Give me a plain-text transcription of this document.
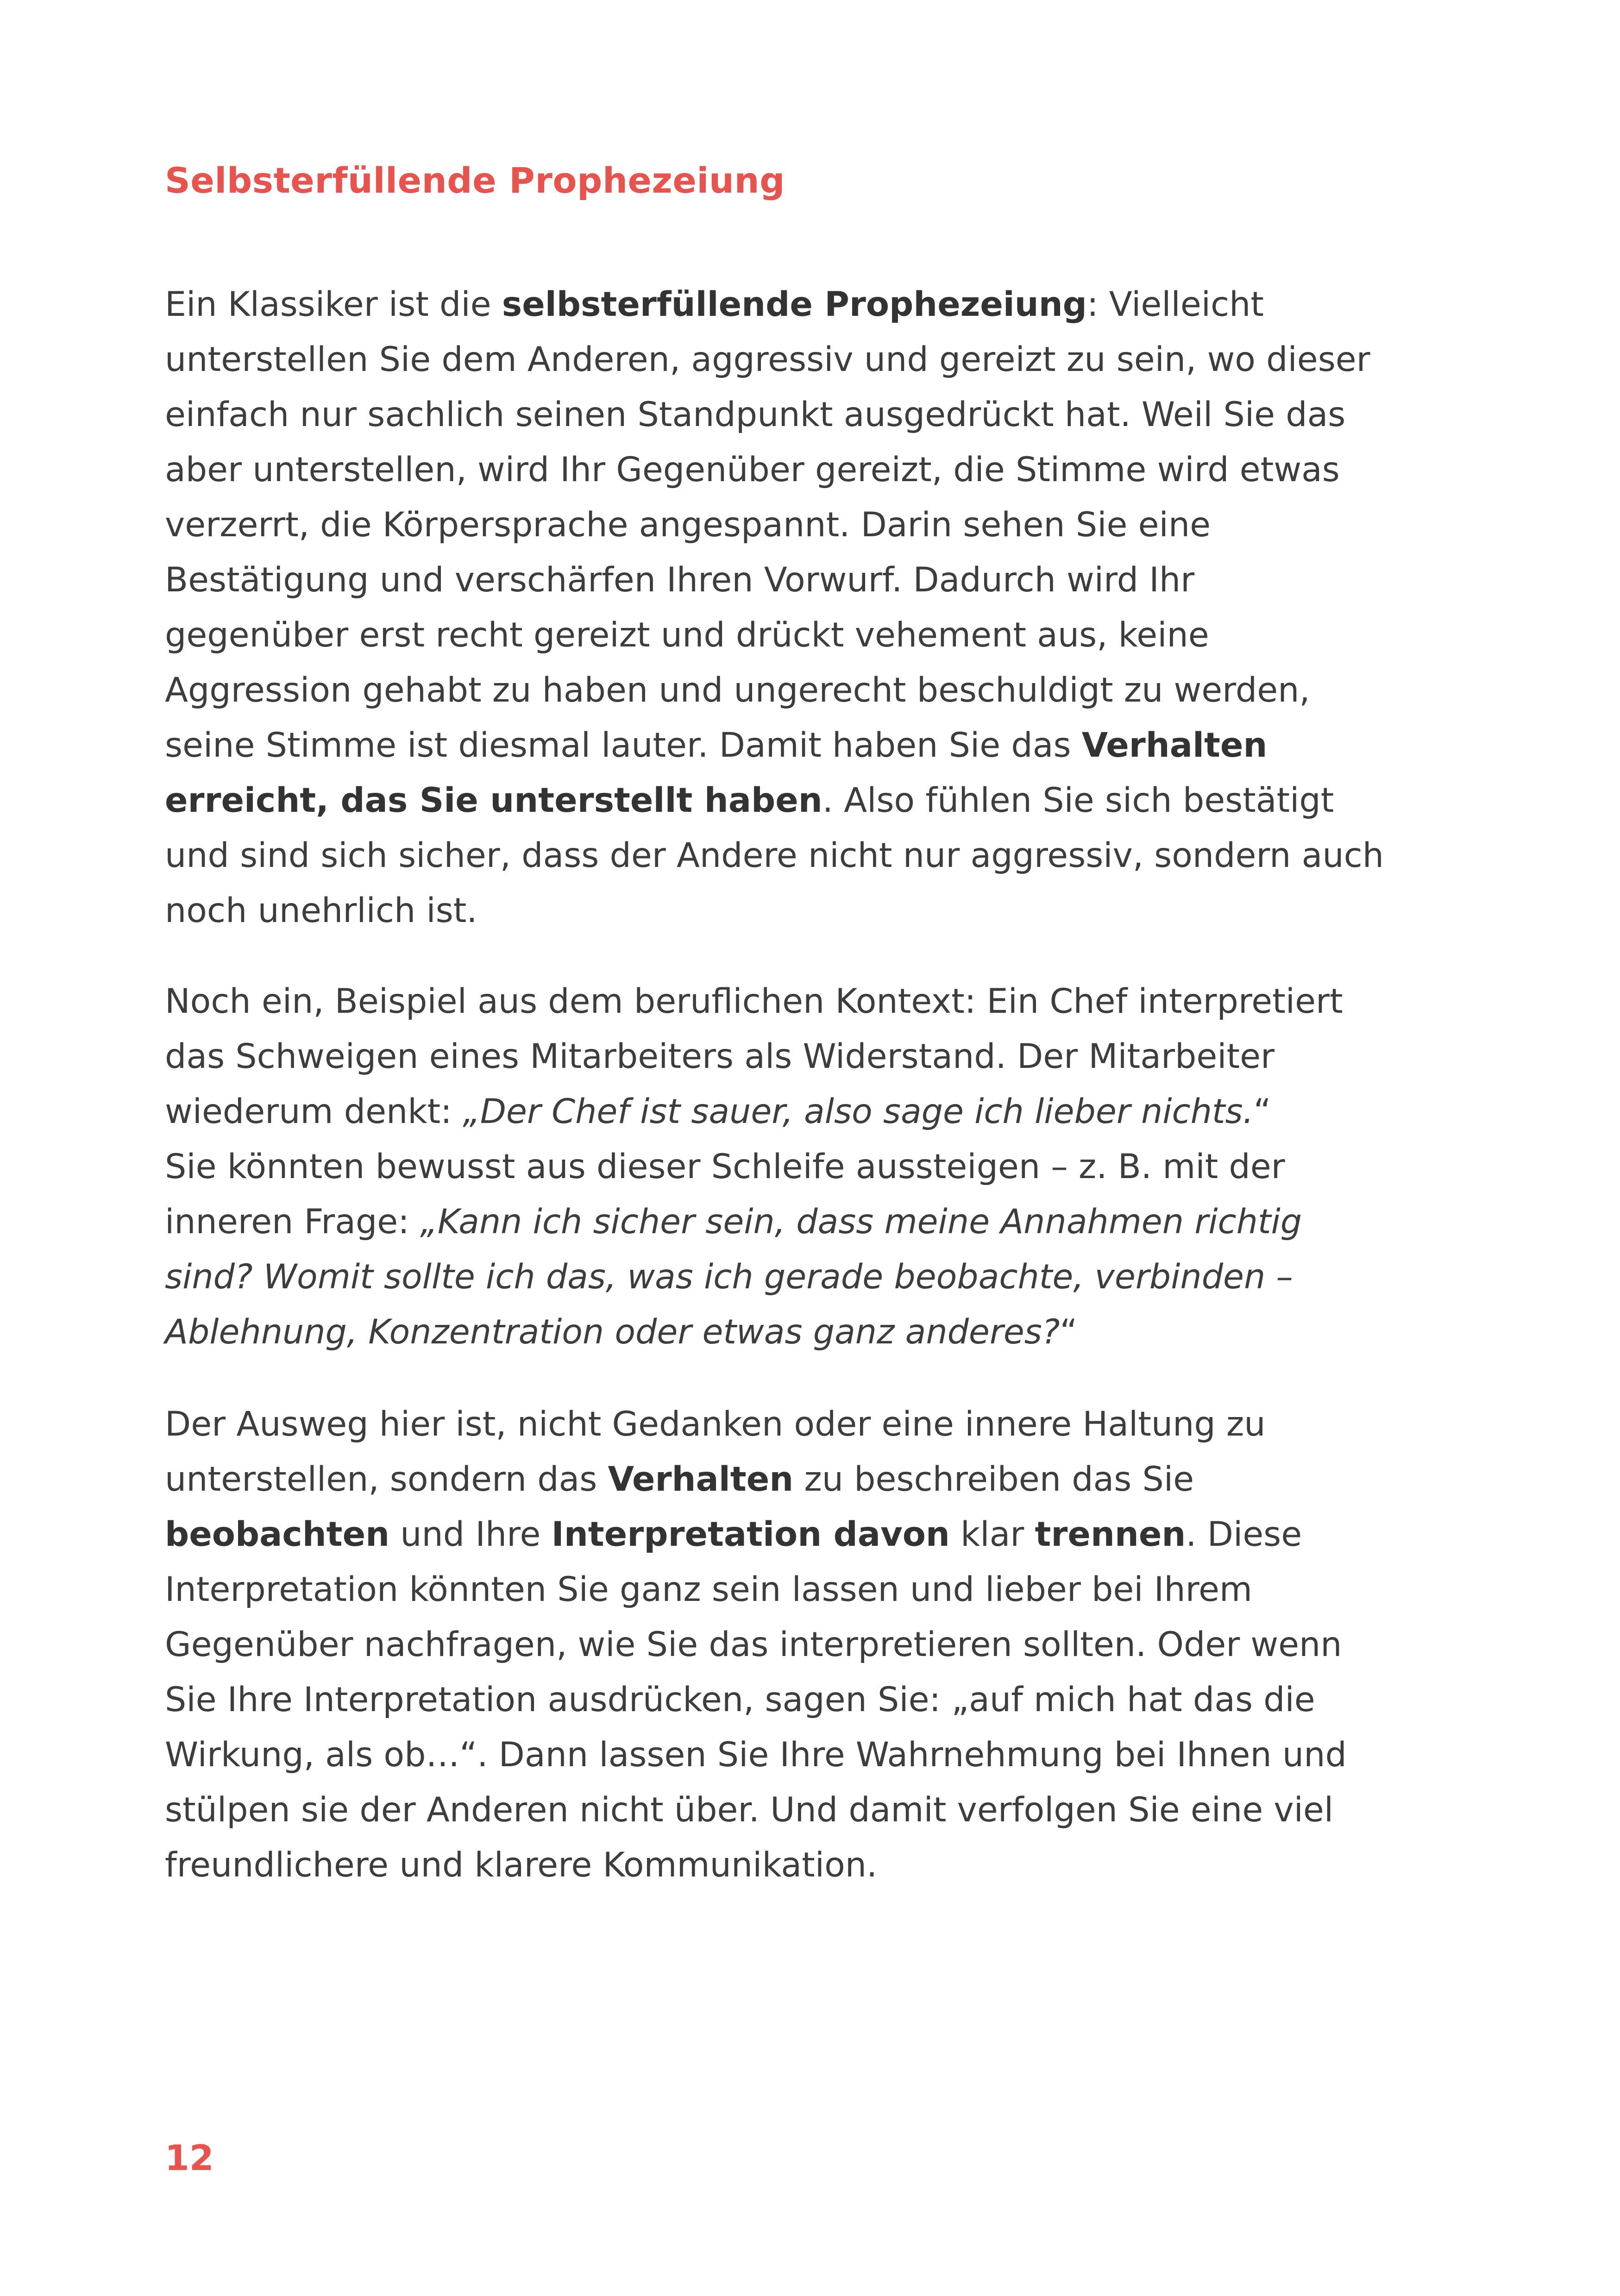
Selbsterfüllende Prophezeiung
Ein Klassiker ist die selbsterfüllende Prophezeiung: Vielleicht
unterstellen Sie dem Anderen, aggressiv und gereizt zu sein, wo dieser
einfach nur sachlich seinen Standpunkt ausgedrückt hat. Weil Sie das
aber unterstellen, wird Ihr Gegenüber gereizt, die Stimme wird etwas
verzerrt, die Körpersprache angespannt. Darin sehen Sie eine
Bestätigung und verschärfen Ihren Vorwurf. Dadurch wird Ihr
gegenüber erst recht gereizt und drückt vehement aus, keine
Aggression gehabt zu haben und ungerecht beschuldigt zu werden,
seine Stimme ist diesmal lauter. Damit haben Sie das Verhalten
erreicht, das Sie unterstellt haben. Also fühlen Sie sich bestätigt
und sind sich sicher, dass der Andere nicht nur aggressiv, sondern auch
noch unehrlich ist.
Noch ein, Beispiel aus dem beruflichen Kontext: Ein Chef interpretiert
das Schweigen eines Mitarbeiters als Widerstand. Der Mitarbeiter
wiederum denkt: „Der Chef ist sauer, also sage ich lieber nichts.“
Sie könnten bewusst aus dieser Schleife aussteigen – z. B. mit der
inneren Frage: „Kann ich sicher sein, dass meine Annahmen richtig
sind? Womit sollte ich das, was ich gerade beobachte, verbinden –
Ablehnung, Konzentration oder etwas ganz anderes?“
Der Ausweg hier ist, nicht Gedanken oder eine innere Haltung zu
unterstellen, sondern das Verhalten zu beschreiben das Sie
beobachten und Ihre Interpretation davon klar trennen. Diese
Interpretation könnten Sie ganz sein lassen und lieber bei Ihrem
Gegenüber nachfragen, wie Sie das interpretieren sollten. Oder wenn
Sie Ihre Interpretation ausdrücken, sagen Sie: „auf mich hat das die
Wirkung, als ob…“. Dann lassen Sie Ihre Wahrnehmung bei Ihnen und
stülpen sie der Anderen nicht über. Und damit verfolgen Sie eine viel
freundlichere und klarere Kommunikation.
12
